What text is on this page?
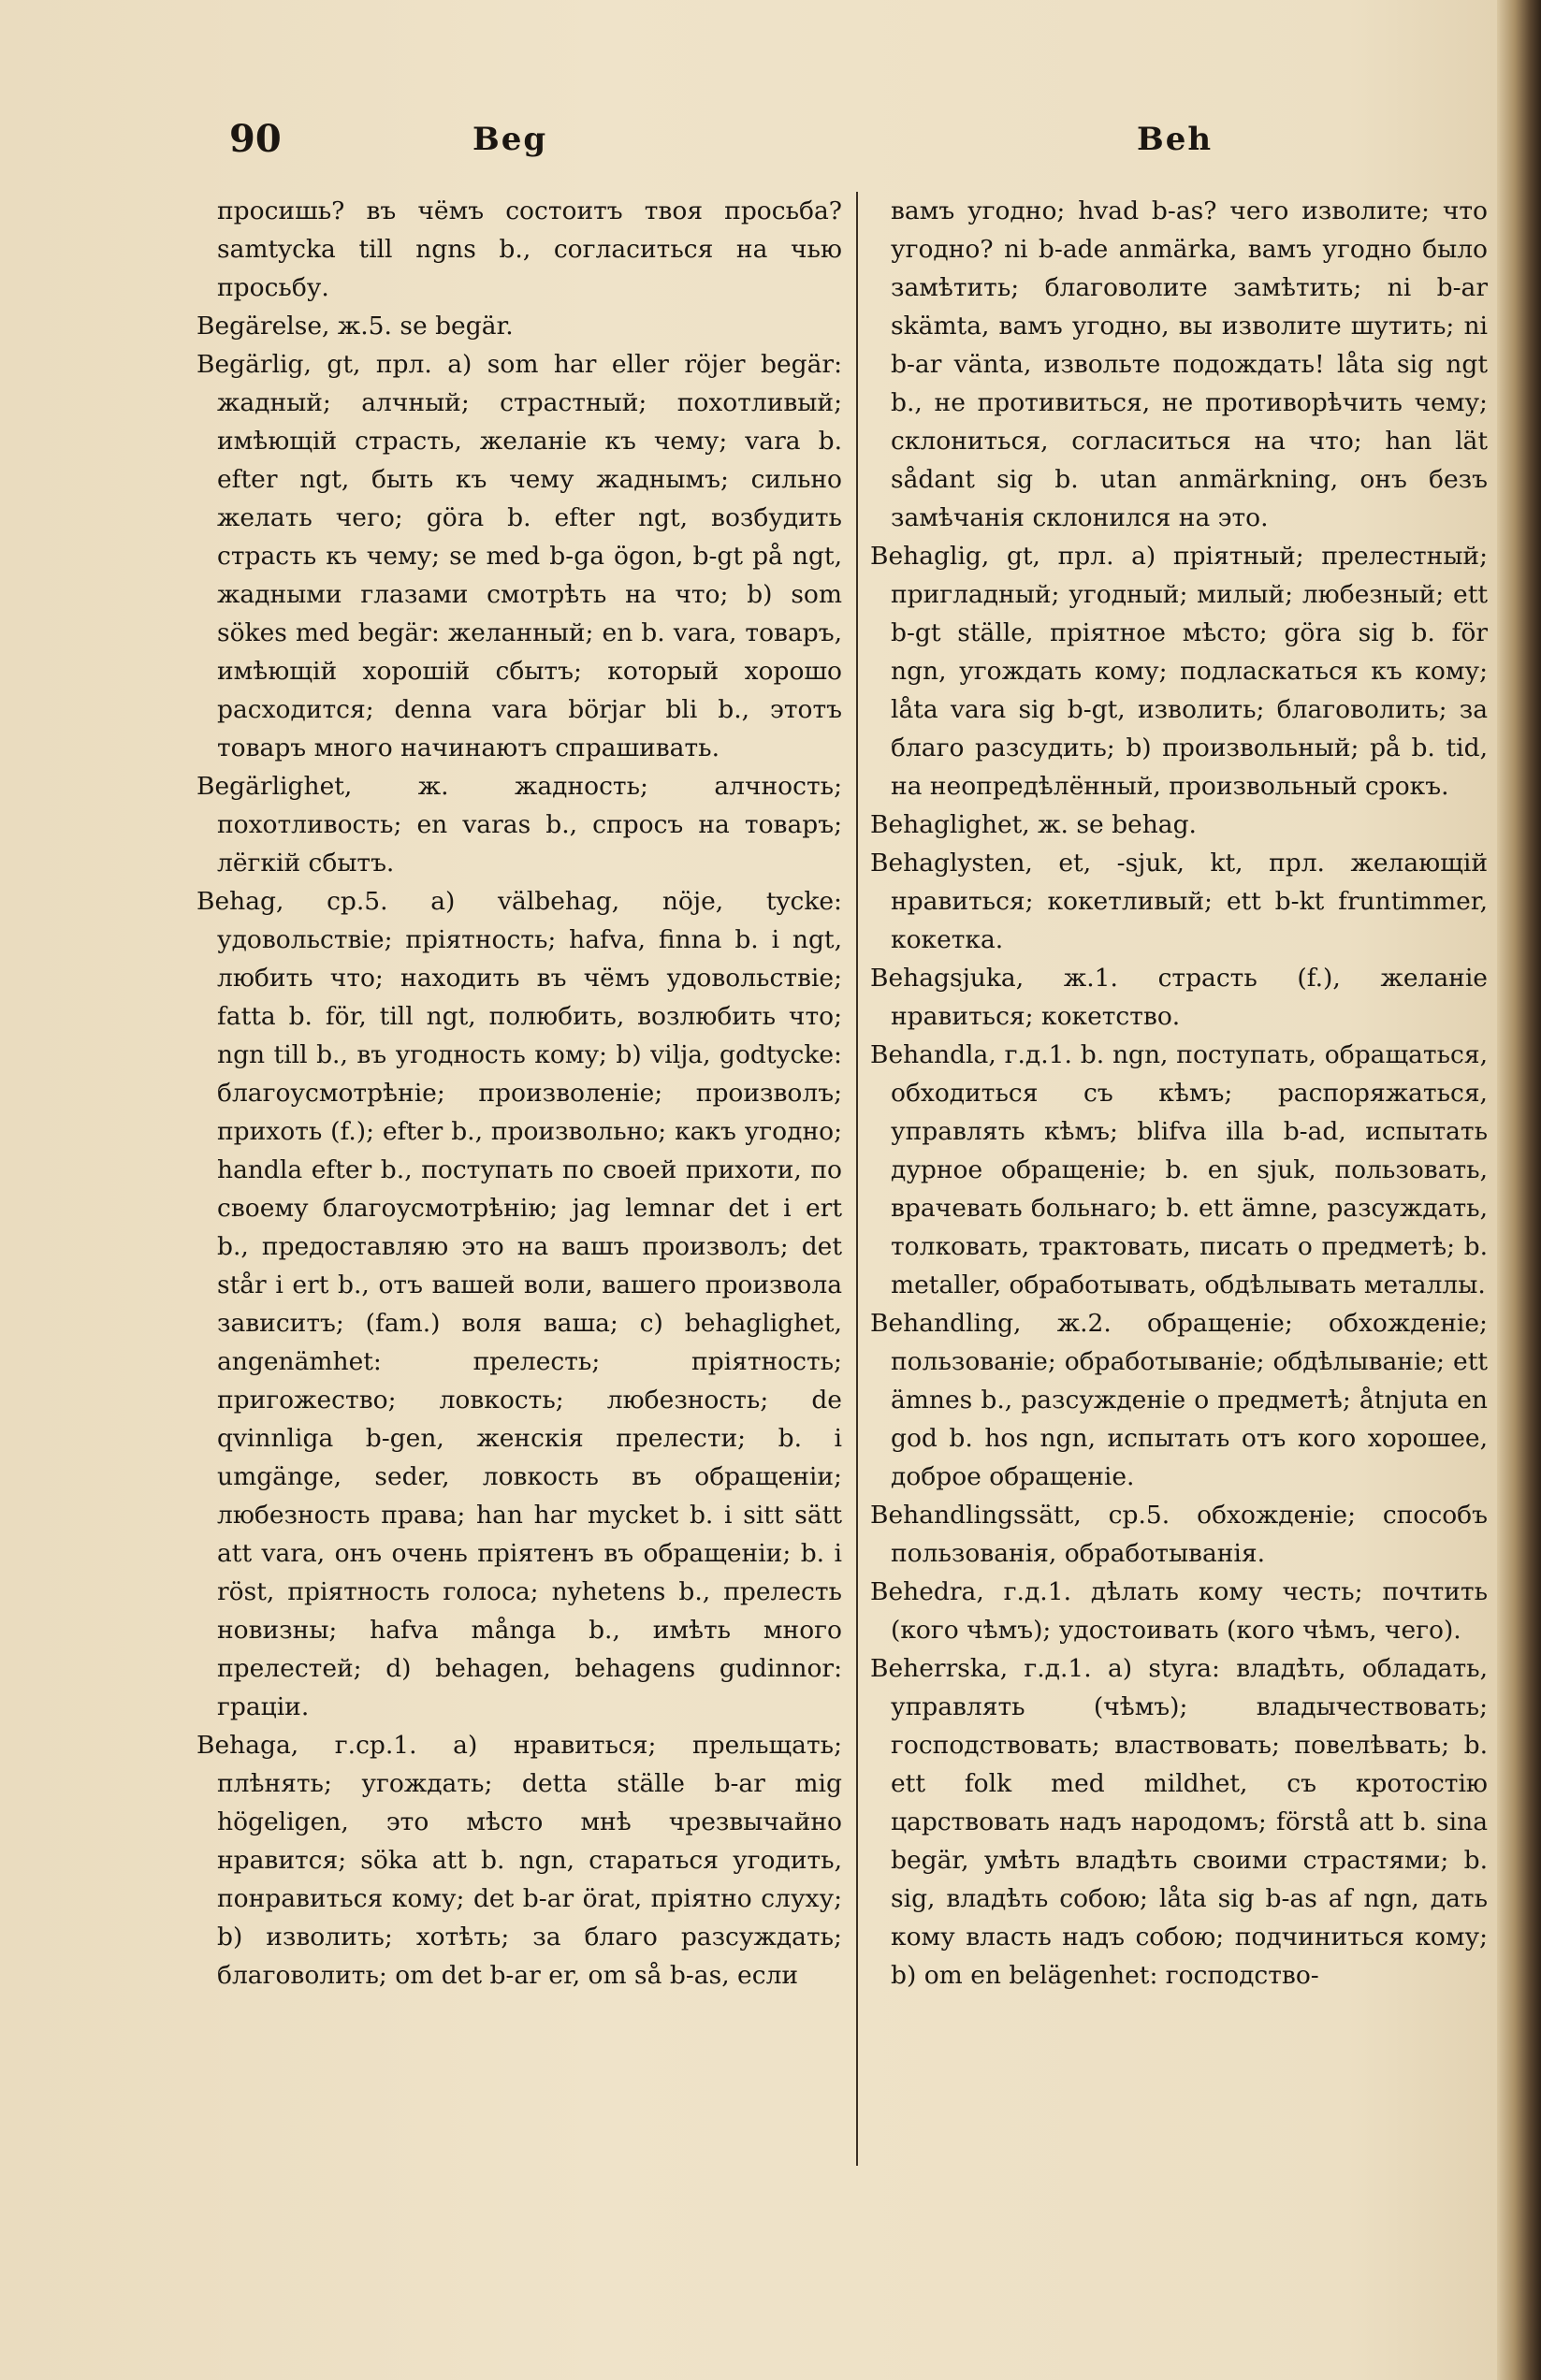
90	Beg	Beh

просишь? въ чёмъ состоитъ твоя просьба? samtycka till ngns b., согласиться на чью просьбу.

Begärelse, ж.5. se begär.

Begärlig, gt, прл. a) som har eller röjer begär: жадный; алчный; страстный; похотливый; имѣющій страсть, желаніе къ чему; vara b. efter ngt, быть къ чему жаднымъ; сильно желать чего; göra b. efter ngt, возбудить страсть къ чему; se med b-ga ögon, b-gt på ngt, жадными глазами смотрѣть на что; b) som sökes med begär: желанный; en b. vara, товаръ, имѣющій хорошій сбытъ; который хорошо расходится; denna vara börjar bli b., этотъ товаръ много начинаютъ спрашивать.

Begärlighet, ж. жадность; алчность; похотливость; en varas b., спросъ на товаръ; лёгкій сбытъ.

Behag, ср.5. a) välbehag, nöje, tycke: удовольствіе; пріятность; hafva, finna b. i ngt, любить что; находить въ чёмъ удовольствіе; fatta b. för, till ngt, полюбить, возлюбить что; ngn till b., въ угодность кому; b) vilja, godtycke: благоусмотрѣніе; произволеніе; произволъ; прихоть (f.); efter b., произвольно; какъ угодно; handla efter b., поступать по своей прихоти, по своему благоусмотрѣнію; jag lemnar det i ert b., предоставляю это на вашъ произволъ; det står i ert b., отъ вашей воли, вашего произвола зависитъ; (fam.) воля ваша; c) behaglighet, angenämhet: прелесть; пріятность; пригожество; ловкость; любезность; de qvinnliga b-gen, женскія прелести; b. i umgänge, seder, ловкость въ обращеніи; любезность права; han har mycket b. i sitt sätt att vara, онъ очень пріятенъ въ обращеніи; b. i röst, пріятность голоса; nyhetens b., прелесть новизны; hafva många b., имѣть много прелестей; d) behagen, behagens gudinnor: граціи.

Behaga, г.ср.1. a) нравиться; прельщать; плѣнять; угождать; detta ställe b-ar mig högeligen, это мѣсто мнѣ чрезвычайно нравится; söka att b. ngn, стараться угодить, понравиться кому; det b-ar örat, пріятно слуху; b) изволить; хотѣть; за благо разсуждать; благоволить; om det b-ar er, om så b-as, если

вамъ угодно; hvad b-as? чего изволите; что угодно? ni b-ade anmärka, вамъ угодно было замѣтить; благоволите замѣтить; ni b-ar skämta, вамъ угодно, вы изволите шутить; ni b-ar vänta, извольте подождать! låta sig ngt b., не противиться, не противорѣчить чему; склониться, согласиться на что; han lät sådant sig b. utan anmärkning, онъ безъ замѣчанія склонился на это.

Behaglig, gt, прл. a) пріятный; прелестный; пригладный; угодный; милый; любезный; ett b-gt ställe, пріятное мѣсто; göra sig b. för ngn, угождать кому; подласкаться къ кому; låta vara sig b-gt, изволить; благоволить; за благо разсудить; b) произвольный; på b. tid, на неопредѣлённый, произвольный срокъ.

Behaglighet, ж. se behag.

Behaglysten, et, -sjuk, kt, прл. желающій нравиться; кокетливый; ett b-kt fruntimmer, кокетка.

Behagsjuka, ж.1. страсть (f.), желаніе нравиться; кокетство.

Behandla, г.д.1. b. ngn, поступать, обращаться, обходиться съ кѣмъ; распоряжаться, управлять кѣмъ; blifva illa b-ad, испытать дурное обращеніе; b. en sjuk, пользовать, врачевать больнаго; b. ett ämne, разсуждать, толковать, трактовать, писать о предметѣ; b. metaller, обработывать, обдѣлывать металлы.

Behandling, ж.2. обращеніе; обхожденіе; пользованіе; обработываніе; обдѣлываніе; ett ämnes b., разсужденіе о предметѣ; åtnjuta en god b. hos ngn, испытать отъ кого хорошее, доброе обращеніе.

Behandlingssätt, ср.5. обхожденіе; способъ пользованія, обработыванія.

Behedra, г.д.1. дѣлать кому честь; почтить (кого чѣмъ); удостоивать (кого чѣмъ, чего).

Beherrska, г.д.1. a) styra: владѣть, обладать, управлять (чѣмъ); владычествовать; господствовать; властвовать; повелѣвать; b. ett folk med mildhet, съ кротостію царствовать надъ народомъ; förstå att b. sina begär, умѣть владѣть своими страстями; b. sig, владѣть собою; låta sig b-as af ngn, дать кому власть надъ собою; подчиниться кому; b) om en belägenhet: господство-
